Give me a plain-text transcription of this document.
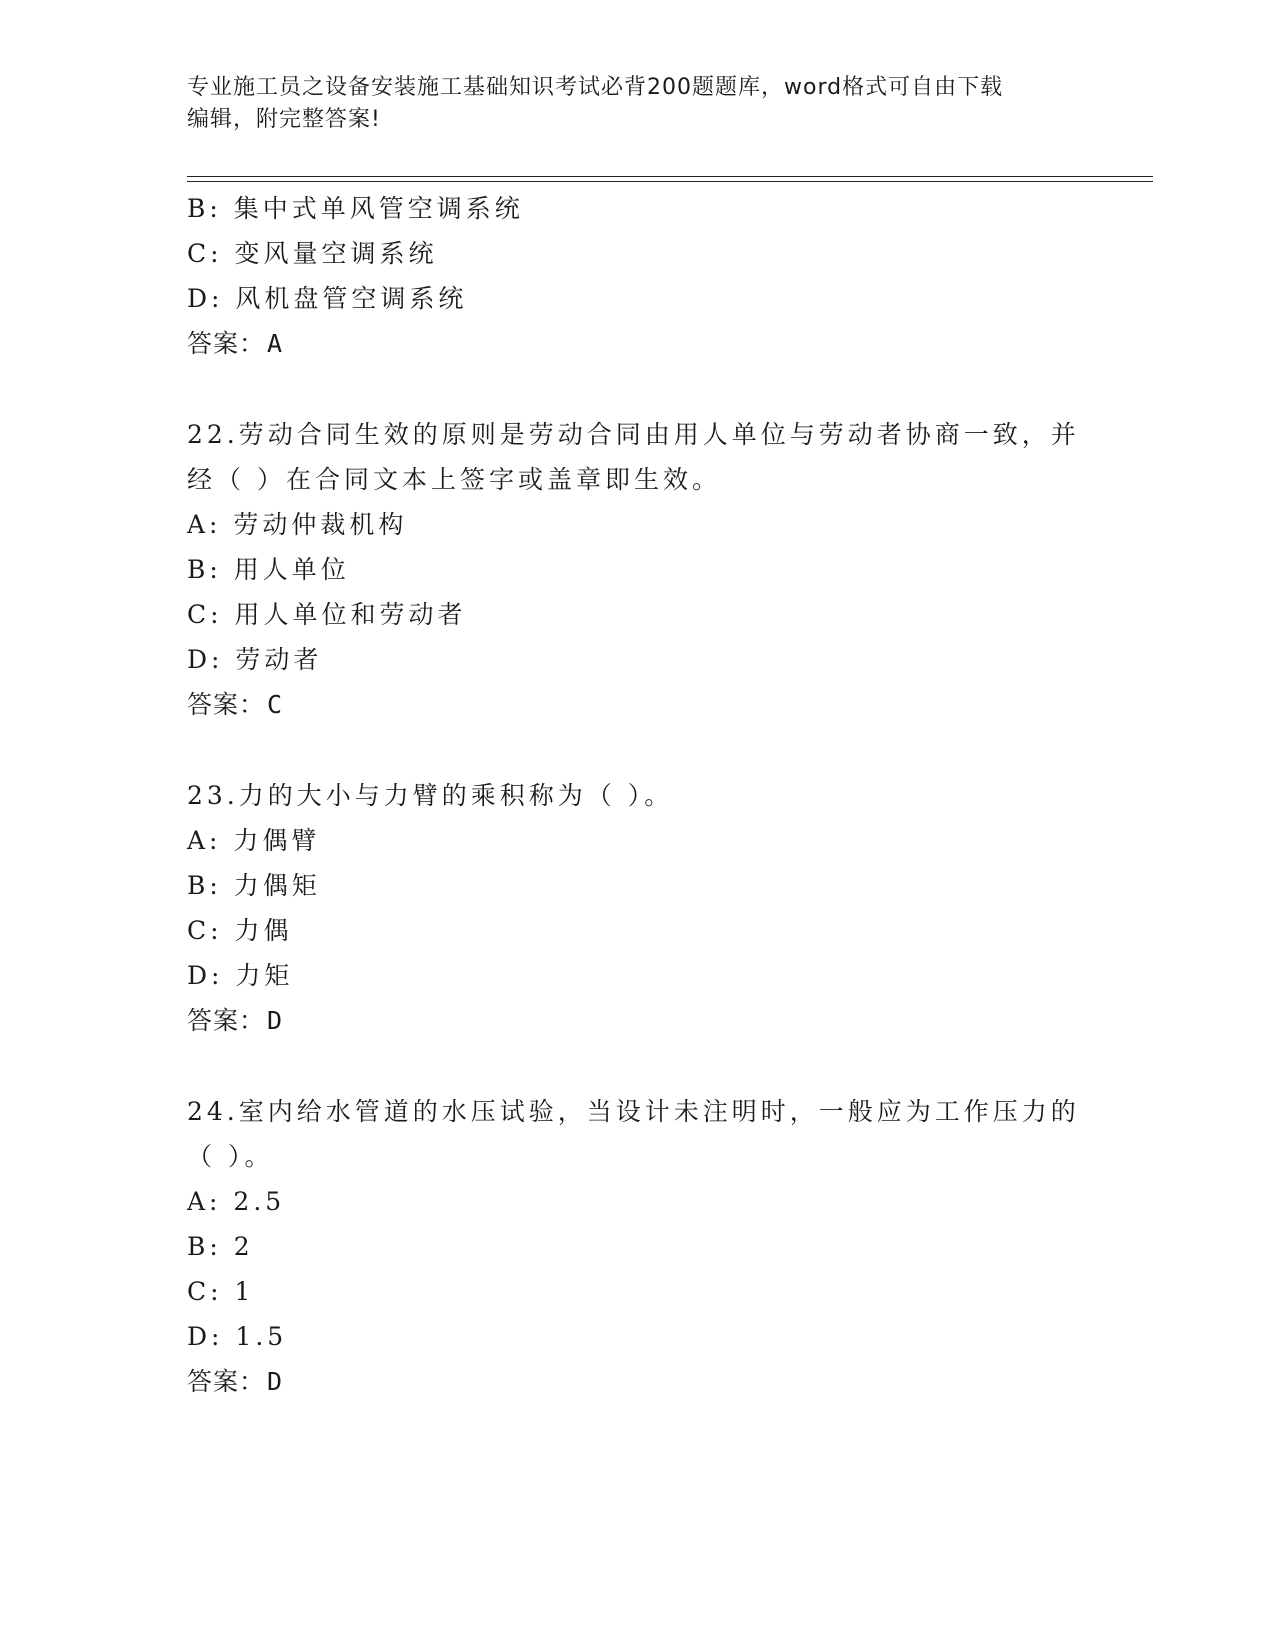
专业施工员之设备安装施工基础知识考试必背200题题库，word格式可自由下载
编辑，附完整答案!
B: 集中式单风管空调系统
C: 变风量空调系统
D: 风机盘管空调系统
答案：A
22.劳动合同生效的原则是劳动合同由用人单位与劳动者协商一致，并
经（ ）在合同文本上签字或盖章即生效。
A: 劳动仲裁机构
B: 用人单位
C: 用人单位和劳动者
D: 劳动者
答案：C
23.力的大小与力臂的乘积称为（ ）。
A: 力偶臂
B: 力偶矩
C: 力偶
D: 力矩
答案：D
24.室内给水管道的水压试验，当设计未注明时，一般应为工作压力的
（ ）。
A: 2.5
B: 2
C: 1
D: 1.5
答案：D
